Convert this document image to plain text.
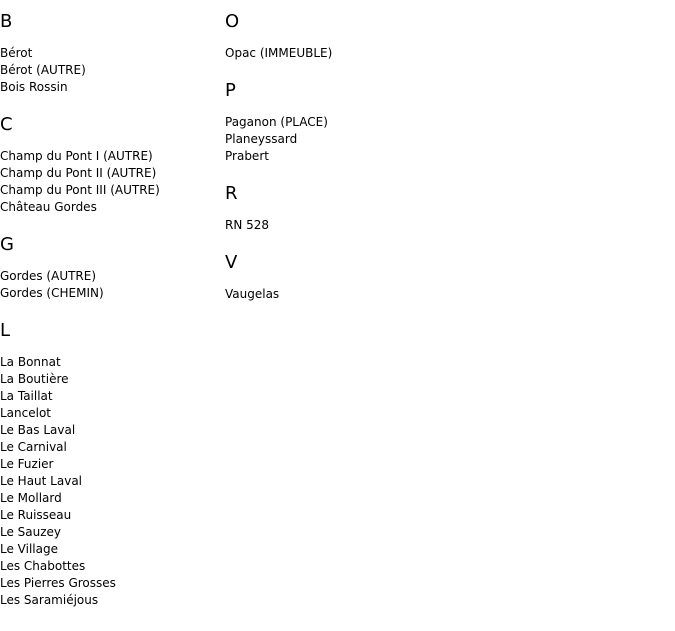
B
Bérot
Bérot (AUTRE)
Bois Rossin
C
Champ du Pont I (AUTRE)
Champ du Pont II (AUTRE)
Champ du Pont III (AUTRE)
Château Gordes
G
Gordes (AUTRE)
Gordes (CHEMIN)
L
La Bonnat
La Boutière
La Taillat
Lancelot
Le Bas Laval
Le Carnival
Le Fuzier
Le Haut Laval
Le Mollard
Le Ruisseau
Le Sauzey
Le Village
Les Chabottes
Les Pierres Grosses
Les Saramiéjous
O
Opac (IMMEUBLE)
P
Paganon (PLACE)
Planeyssard
Prabert
R
RN 528
V
Vaugelas
